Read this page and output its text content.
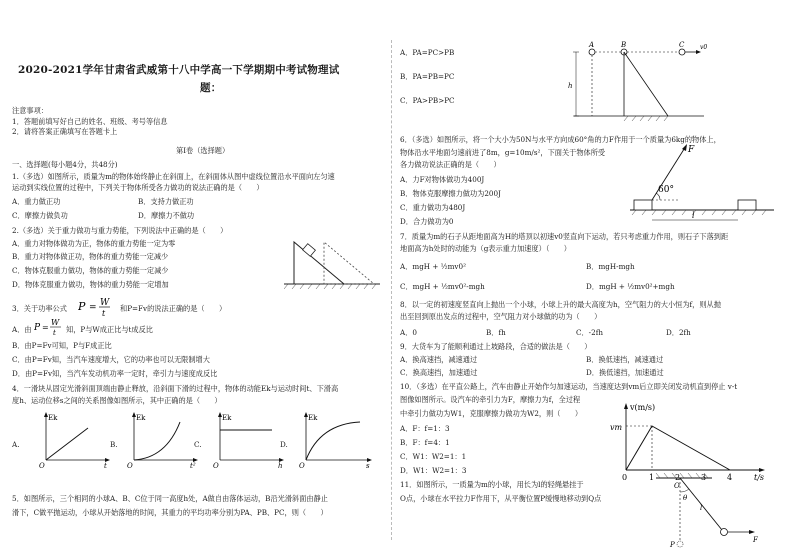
2020-2021学年甘肃省武威第十八中学高一下学期期中考试物理试
题：
注意事项：
1．答题前填写好自己的姓名、班级、考号等信息
2．请将答案正确填写在答题卡上
第I卷（选择题）
一、选择题(每小题4分，共48分)
1.（多选）如图所示，质量为m的物体始终静止在斜面上，在斜面体从图中虚线位置沿水平面向左匀速
运动到实线位置的过程中，下列关于物体所受各力做功的说法正确的是（　　）
A．重力做正功	B．支持力做正功
C．摩擦力做负功	D．摩擦力不做功
2.（多选）关于重力做功与重力势能，下列说法中正确的是（　　）
A．重力对物体做功为正，物体的重力势能一定为零
B．重力对物体做正功，物体的重力势能一定减少
C．物体克服重力做功，物体的重力势能一定减少
D．物体克服重力做功，物体的重力势能一定增加
3．关于功率公式 P = W
t
和P=Fv的说法正确的是（　　）
A．由 P =
W
t 知，P与W成正比与t成反比
B．由P=Fv可知，P与F成正比
C．由P=Fv知，当汽车速度增大，它的功率也可以无限制增大
D．由P=Fv知，当汽车发动机功率一定时，牵引力与速度成反比
4．一滑块从固定光滑斜面顶端由静止释放，沿斜面下滑的过程中，物体的动能Ek与运动时间t、下滑高
度h、运动位移s之间的关系图像如图所示，其中正确的是（　　）
A.	B.	C.	D.
Ek
O	t
Ek
O	t²
Ek
O	h
Ek
O	s
5．如图所示，三个相同的小球A、B、C位于同一高度h处，A做自由落体运动，B沿光滑斜面由静止
滑下，C做平抛运动，小球从开始落地的时间，其重力的平均功率分别为PA、PB、PC，则（　　）
A．PA=PC>PB
B．PA=PB=PC
C．PA>PB>PC
h
A	B	C	v0
6．（多选）如图所示，将一个大小为50N与水平方向成60°角的力F作用于一个质量为6kg的物体上，
物体沿水平地面匀速前进了8m，g=10m/s²，下面关于物体所受
各力做功说法正确的是（　　）
A．力F对物体做功为400J
B．物体克服摩擦力做功为200J
C．重力做功为480J
D．合力做功为0
F
60°
l
7．质量为m的石子从距地面高为H的塔顶以初速v0竖直向下运动，若只考虑重力作用，则石子下落到距
地面高为h处时的动能为（g表示重力加速度）（　　）
A．mgH + ½mv0²	B．mgH-mgh
C．mgH + ½mv0²-mgh	D．mgH + ½mv0²+mgh
8．以一定的初速度竖直向上抛出一个小球，小球上升的最大高度为h，空气阻力的大小恒为f，则从抛
出至回到原出发点的过程中，空气阻力对小球做的功为（　　）
A．0	B．fh	C．-2fh	D．2fh
9．大货车为了能顺利通过上坡路段，合适的做法是（　　）
A．换高速挡，减速通过	B．换低速挡，减速通过
C．换高速挡，加速通过	D．换低速挡，加速通过
10．（多选）在平直公路上，汽车由静止开始作匀加速运动，当速度达到vm后立即关闭发动机直到停止 v-t
图像如图所示。设汽车的牵引力为F，摩擦力为f，全过程
中牵引力做功为W1，克服摩擦力做功为W2，则（　　）
A．F：f=1：3
B．F：f=4：1
C．W1：W2=1：1
D．W1：W2=1：3
v(m/s)
vm
t/s
0	1	2	3	4
11．如图所示，一质量为m的小球，用长为l的轻绳悬挂于
O点，小球在水平拉力F作用下，从平衡位置P缓慢地移动到Q点
O
θ
l
F
P
